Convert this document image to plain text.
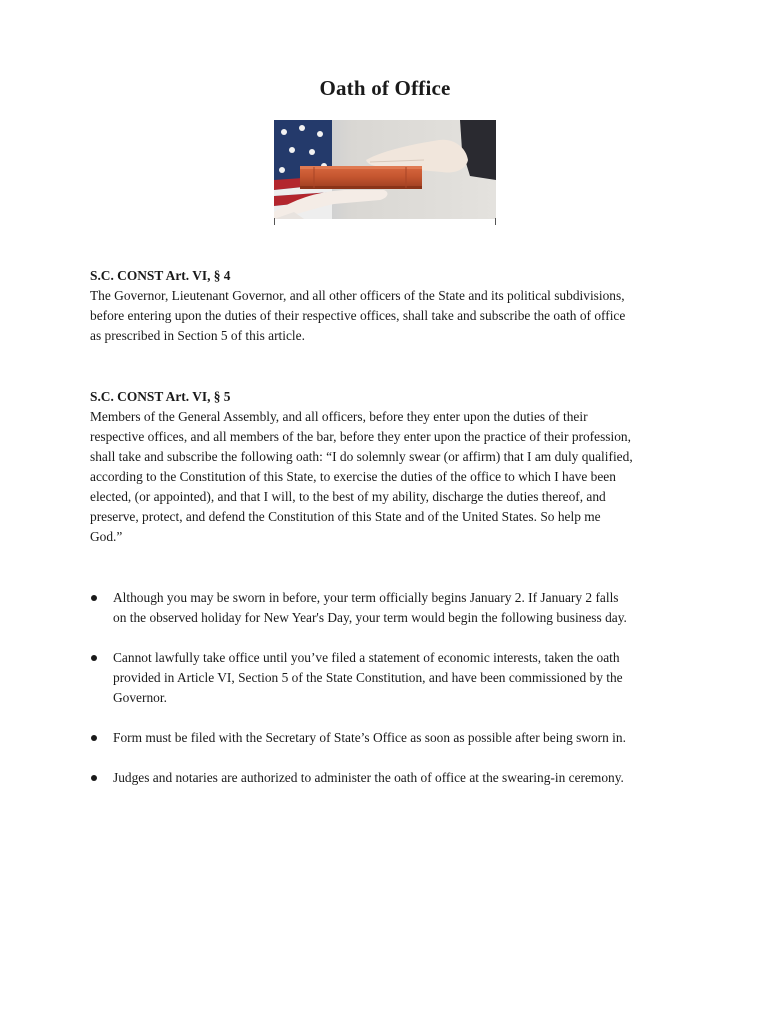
Oath of Office
S.C. CONST Art. VI, § 4

The Governor, Lieutenant Governor, and all other officers of the State and its political subdivisions,

before entering upon the duties of their respective offices, shall take and subscribe the oath of office

as prescribed in Section 5 of this article.

S.C. CONST Art. VI, § 5

Members of the General Assembly, and all officers, before they enter upon the duties of their

respective offices, and all members of the bar, before they enter upon the practice of their profession,

shall take and subscribe the following oath: “I do solemnly swear (or affirm) that I am duly qualified,

according to the Constitution of this State, to exercise the duties of the office to which I have been

elected, (or appointed), and that I will, to the best of my ability, discharge the duties thereof, and

preserve, protect, and defend the Constitution of this State and of the United States. So help me

God.”

Although you may be sworn in before, your term officially begins January 2. If January 2 falls
on the observed holiday for New Year's Day, your term would begin the following business day.
Cannot lawfully take office until you’ve filed a statement of economic interests, taken the oath
provided in Article VI, Section 5 of the State Constitution, and have been commissioned by the
Governor.
Form must be filed with the Secretary of State’s Office as soon as possible after being sworn in.
Judges and notaries are authorized to administer the oath of office at the swearing-in ceremony.
